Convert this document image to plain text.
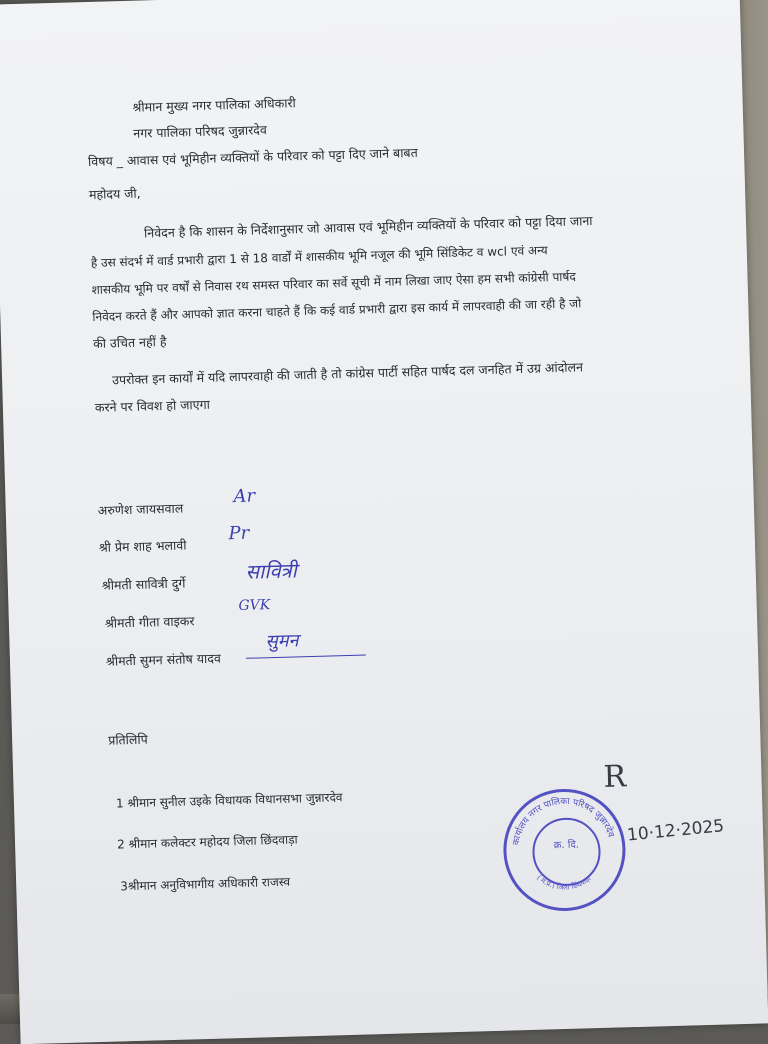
श्रीमान मुख्य नगर पालिका अधिकारी
नगर पालिका परिषद जुन्नारदेव
विषय _ आवास एवं भूमिहीन व्यक्तियों के परिवार को पट्टा दिए जाने बाबत
महोदय जी,
निवेदन है कि शासन के निर्देशानुसार जो आवास एवं भूमिहीन व्यक्तियों के परिवार को पट्टा दिया जाना
है उस संदर्भ में वार्ड प्रभारी द्वारा 1 से 18 वार्डों में शासकीय भूमि नजूल की भूमि सिंडिकेट व wcl एवं अन्य
शासकीय भूमि पर वर्षों से निवास रथ समस्त परिवार का सर्वे सूची में नाम लिखा जाए ऐसा हम सभी कांग्रेसी पार्षद
निवेदन करते हैं और आपको ज्ञात करना चाहते हैं कि कई वार्ड प्रभारी द्वारा इस कार्य में लापरवाही की जा रही है जो
की उचित नहीं है
उपरोक्त इन कार्यों में यदि लापरवाही की जाती है तो कांग्रेस पार्टी सहित पार्षद दल जनहित में उग्र आंदोलन
करने पर विवश हो जाएगा
अरुणेश जायसवाल
श्री प्रेम शाह भलावी
श्रीमती सावित्री दुर्गे
श्रीमती गीता वाइकर
श्रीमती सुमन संतोष यादव
Ar
Pr
सावित्री
GVK
सुमन
प्रतिलिपि
1 श्रीमान सुनील उइके विधायक विधानसभा जुन्नारदेव
2 श्रीमान कलेक्टर महोदय जिला छिंदवाड़ा
3श्रीमान अनुविभागीय अधिकारी राजस्व
कार्यालय नगर पालिका परिषद जुन्नारदेव
( म.प्र.) जिला छिंदवाड़ा
क्र. दि.
R
10·12·2025
